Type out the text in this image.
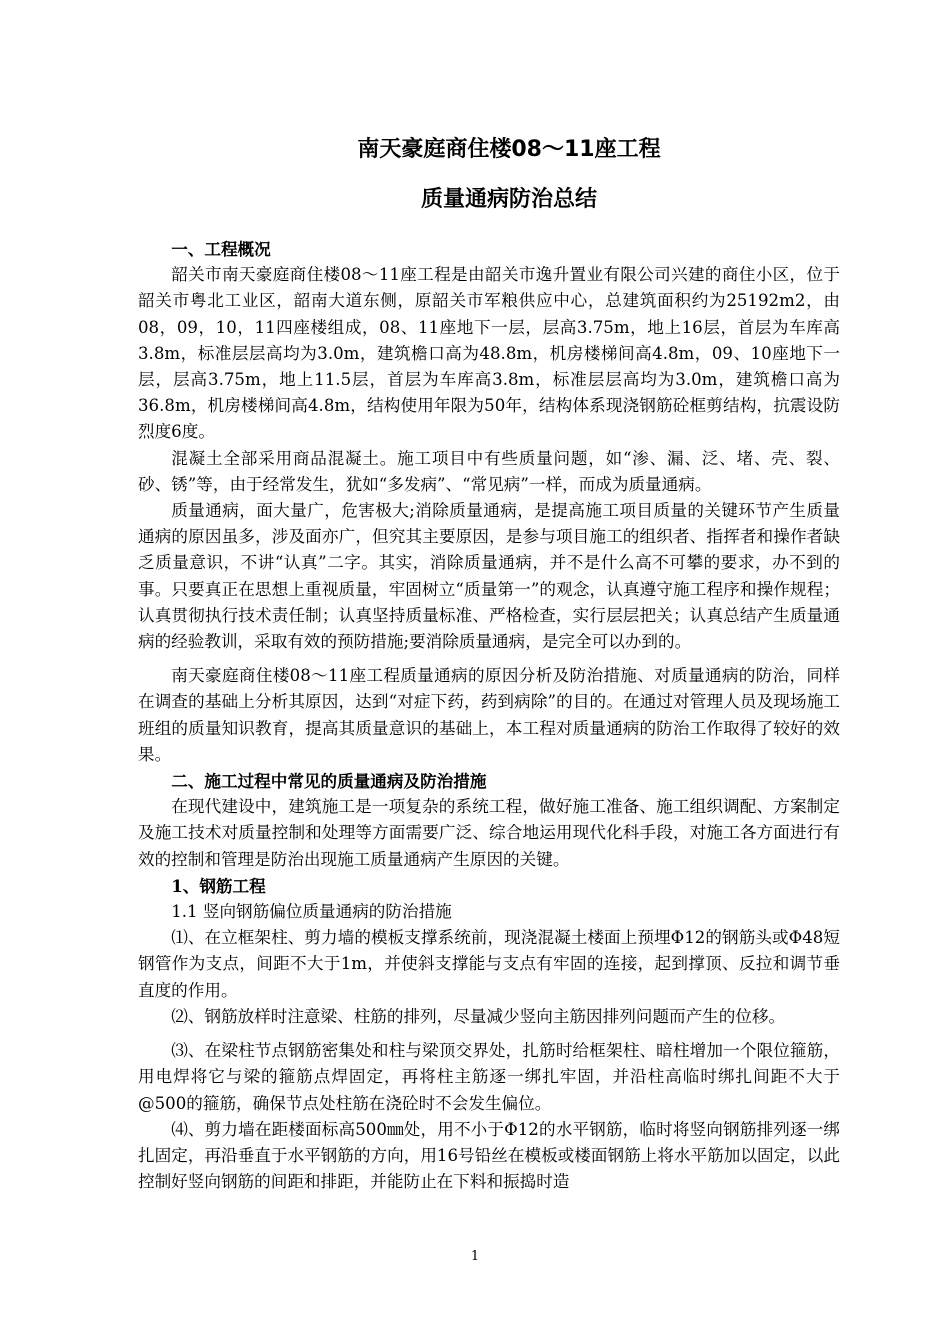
南天豪庭商住楼08～11座工程
质量通病防治总结

一、工程概况

韶关市南天豪庭商住楼08～11座工程是由韶关市逸升置业有限公司兴建的商住小区，位于韶关市粤北工业区，韶南大道东侧，原韶关市军粮供应中心，总建筑面积约为25192m2，由08，09，10，11四座楼组成，08、11座地下一层，层高3.75m，地上16层，首层为车库高3.8m，标准层层高均为3.0m，建筑檐口高为48.8m，机房楼梯间高4.8m，09、10座地下一层，层高3.75m，地上11.5层，首层为车库高3.8m，标准层层高均为3.0m，建筑檐口高为36.8m，机房楼梯间高4.8m，结构使用年限为50年，结构体系现浇钢筋砼框剪结构，抗震设防烈度6度。

混凝土全部采用商品混凝土。施工项目中有些质量问题，如“渗、漏、泛、堵、壳、裂、砂、锈”等，由于经常发生，犹如“多发病”、“常见病”一样，而成为质量通病。

质量通病，面大量广，危害极大;消除质量通病，是提高施工项目质量的关键环节产生质量通病的原因虽多，涉及面亦广，但究其主要原因，是参与项目施工的组织者、指挥者和操作者缺乏质量意识，不讲“认真”二字。其实，消除质量通病，并不是什么高不可攀的要求，办不到的事。只要真正在思想上重视质量，牢固树立“质量第一”的观念，认真遵守施工程序和操作规程；认真贯彻执行技术责任制；认真坚持质量标准、严格检查，实行层层把关；认真总结产生质量通病的经验教训，采取有效的预防措施;要消除质量通病，是完全可以办到的。

南天豪庭商住楼08～11座工程质量通病的原因分析及防治措施、对质量通病的防治，同样在调查的基础上分析其原因，达到“对症下药，药到病除”的目的。在通过对管理人员及现场施工班组的质量知识教育，提高其质量意识的基础上，本工程对质量通病的防治工作取得了较好的效果。

二、施工过程中常见的质量通病及防治措施

在现代建设中，建筑施工是一项复杂的系统工程，做好施工准备、施工组织调配、方案制定及施工技术对质量控制和处理等方面需要广泛、综合地运用现代化科手段，对施工各方面进行有效的控制和管理是防治出现施工质量通病产生原因的关键。

1、钢筋工程

1.1 竖向钢筋偏位质量通病的防治措施

⑴、在立框架柱、剪力墙的模板支撑系统前，现浇混凝土楼面上预埋Φ12的钢筋头或Φ48短钢管作为支点，间距不大于1m，并使斜支撑能与支点有牢固的连接，起到撑顶、反拉和调节垂直度的作用。

⑵、钢筋放样时注意梁、柱筋的排列，尽量减少竖向主筋因排列问题而产生的位移。

⑶、在梁柱节点钢筋密集处和柱与梁顶交界处，扎筋时给框架柱、暗柱增加一个限位箍筋，用电焊将它与梁的箍筋点焊固定，再将柱主筋逐一绑扎牢固，并沿柱高临时绑扎间距不大于@500的箍筋，确保节点处柱筋在浇砼时不会发生偏位。

⑷、剪力墙在距楼面标高500㎜处，用不小于Φ12的水平钢筋，临时将竖向钢筋排列逐一绑扎固定，再沿垂直于水平钢筋的方向，用16号铅丝在模板或楼面钢筋上将水平筋加以固定，以此控制好竖向钢筋的间距和排距，并能防止在下料和振捣时造

1
